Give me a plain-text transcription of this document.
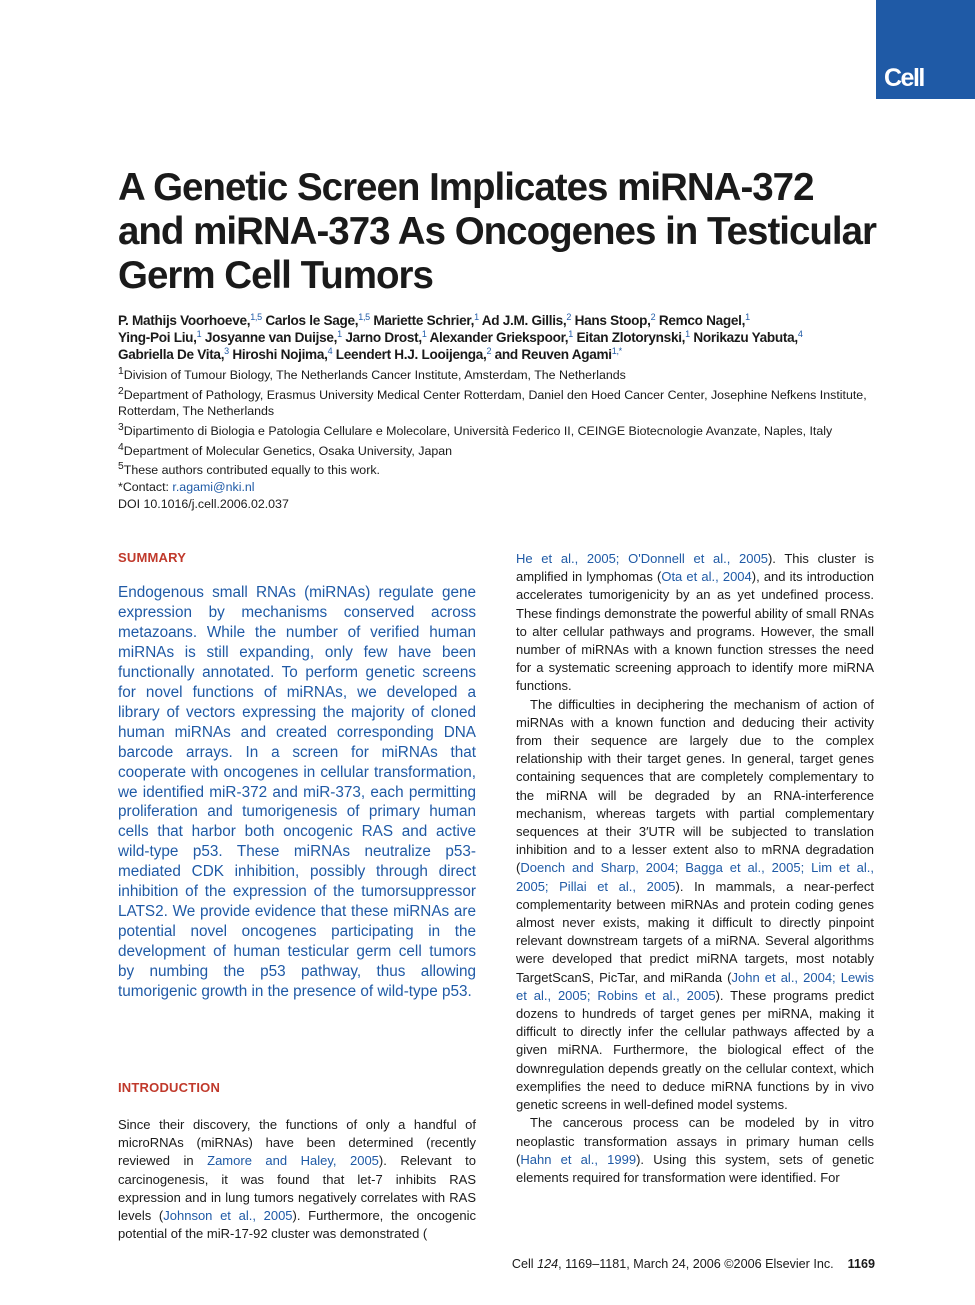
Cell
A Genetic Screen Implicates miRNA-372 and miRNA-373 As Oncogenes in Testicular Germ Cell Tumors
P. Mathijs Voorhoeve,$^{1,5}$ Carlos le Sage,$^{1,5}$ Mariette Schrier,$^1$ Ad J.M. Gillis,$^2$ Hans Stoop,$^2$ Remco Nagel,$^1$
Ying-Poi Liu,$^1$ Josyanne van Duijse,$^1$ Jarno Drost,$^1$ Alexander Griekspoor,$^1$ Eitan Zlotorynski,$^1$ Norikazu Yabuta,$^4$
Gabriella De Vita,$^3$ Hiroshi Nojima,$^4$ Leendert H.J. Looijenga,$^2$ and Reuven Agami$^{1,*}$
$^1$Division of Tumour Biology, The Netherlands Cancer Institute, Amsterdam, The Netherlands
$^2$Department of Pathology, Erasmus University Medical Center Rotterdam, Daniel den Hoed Cancer Center, Josephine Nefkens Institute, Rotterdam, The Netherlands
$^3$Dipartimento di Biologia e Patologia Cellulare e Molecolare, Università Federico II, CEINGE Biotecnologie Avanzate, Naples, Italy
$^4$Department of Molecular Genetics, Osaka University, Japan
$^5$These authors contributed equally to this work.
*Contact: r.agami@nki.nl
DOI 10.1016/j.cell.2006.02.037
SUMMARY

Endogenous small RNAs (miRNAs) regulate gene expression by mechanisms conserved across metazoans. While the number of verified human miRNAs is still expanding, only few have been functionally annotated. To perform genetic screens for novel functions of miRNAs, we developed a library of vectors expressing the majority of cloned human miRNAs and created corresponding DNA barcode arrays. In a screen for miRNAs that cooperate with oncogenes in cellular transformation, we identified miR-372 and miR-373, each permitting proliferation and tumorigenesis of primary human cells that harbor both oncogenic RAS and active wild-type p53. These miRNAs neutralize p53-mediated CDK inhibition, possibly through direct inhibition of the expression of the tumorsuppressor LATS2. We provide evidence that these miRNAs are potential novel oncogenes participating in the development of human testicular germ cell tumors by numbing the p53 pathway, thus allowing tumorigenic growth in the presence of wild-type p53.

INTRODUCTION

Since their discovery, the functions of only a handful of microRNAs (miRNAs) have been determined (recently reviewed in Zamore and Haley, 2005). Relevant to carcinogenesis, it was found that let-7 inhibits RAS expression and in lung tumors negatively correlates with RAS levels (Johnson et al., 2005). Furthermore, the oncogenic potential of the miR-17-92 cluster was demonstrated (

He et al., 2005; O'Donnell et al., 2005). This cluster is amplified in lymphomas (Ota et al., 2004), and its introduction accelerates tumorigenicity by an as yet undefined process. These findings demonstrate the powerful ability of small RNAs to alter cellular pathways and programs. However, the small number of miRNAs with a known function stresses the need for a systematic screening approach to identify more miRNA functions.

The difficulties in deciphering the mechanism of action of miRNAs with a known function and deducing their activity from their sequence are largely due to the complex relationship with their target genes. In general, target genes containing sequences that are completely complementary to the miRNA will be degraded by an RNA-interference mechanism, whereas targets with partial complementary sequences at their 3′UTR will be subjected to translation inhibition and to a lesser extent also to mRNA degradation (Doench and Sharp, 2004; Bagga et al., 2005; Lim et al., 2005; Pillai et al., 2005). In mammals, a near-perfect complementarity between miRNAs and protein coding genes almost never exists, making it difficult to directly pinpoint relevant downstream targets of a miRNA. Several algorithms were developed that predict miRNA targets, most notably TargetScanS, PicTar, and miRanda (John et al., 2004; Lewis et al., 2005; Robins et al., 2005). These programs predict dozens to hundreds of target genes per miRNA, making it difficult to directly infer the cellular pathways affected by a given miRNA. Furthermore, the biological effect of the downregulation depends greatly on the cellular context, which exemplifies the need to deduce miRNA functions by in vivo genetic screens in well-defined model systems.

The cancerous process can be modeled by in vitro neoplastic transformation assays in primary human cells (Hahn et al., 1999). Using this system, sets of genetic elements required for transformation were identified. For

Cell 124, 1169–1181, March 24, 2006 ©2006 Elsevier Inc. 1169
